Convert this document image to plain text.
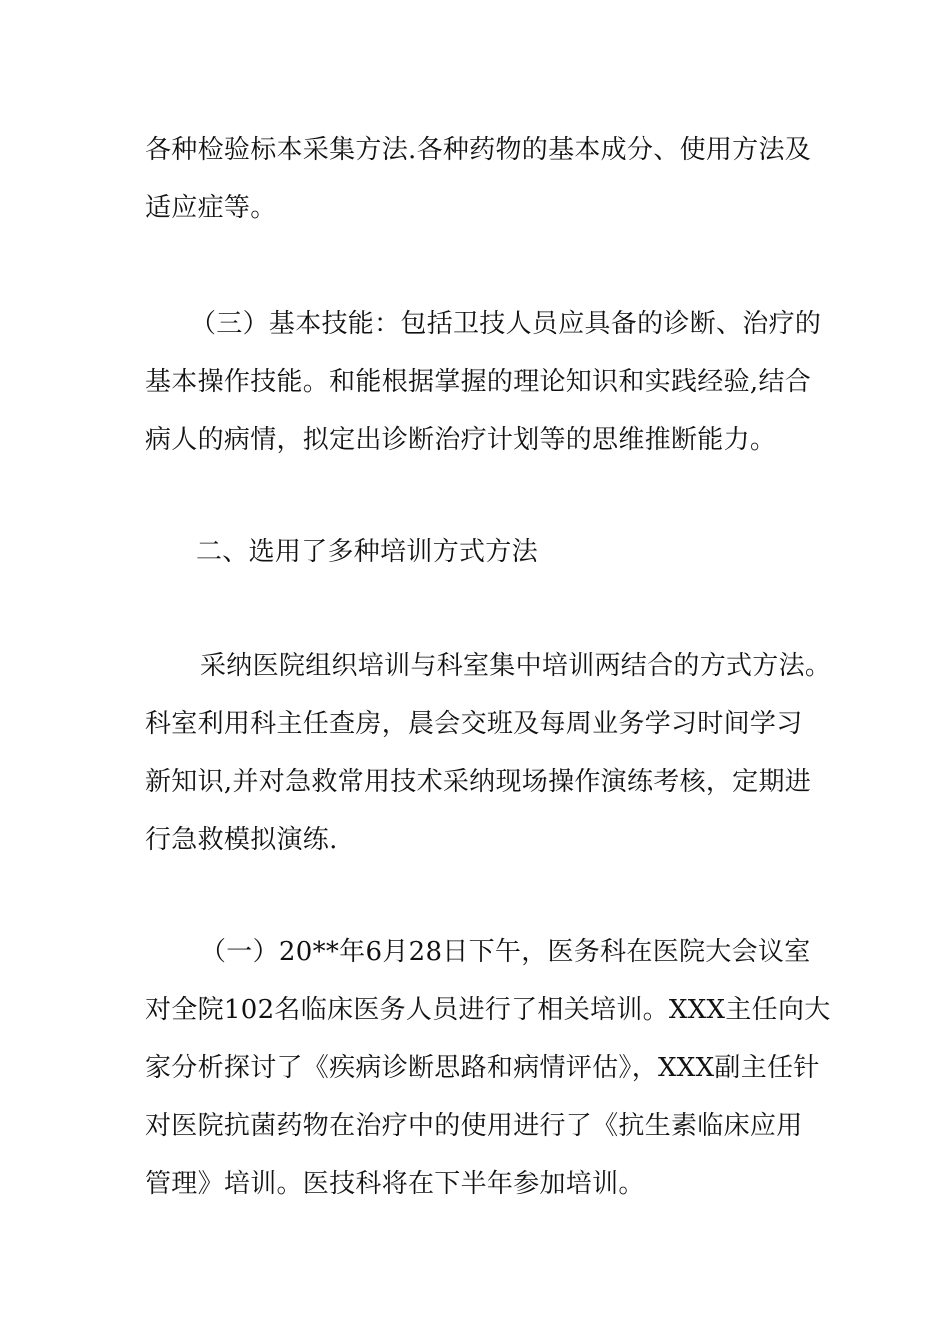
各种检验标本采集方法.各种药物的基本成分、使用方法及
适应症等。
（三）基本技能：包括卫技人员应具备的诊断、治疗的
基本操作技能。和能根据掌握的理论知识和实践经验,结合
病人的病情，拟定出诊断治疗计划等的思维推断能力。
二、选用了多种培训方式方法
采纳医院组织培训与科室集中培训两结合的方式方法。
科室利用科主任查房，晨会交班及每周业务学习时间学习
新知识,并对急救常用技术采纳现场操作演练考核，定期进
行急救模拟演练.
（一）20**年6月28日下午，医务科在医院大会议室
对全院102名临床医务人员进行了相关培训。XXX主任向大
家分析探讨了《疾病诊断思路和病情评估》，XXX副主任针
对医院抗菌药物在治疗中的使用进行了《抗生素临床应用
管理》培训。医技科将在下半年参加培训。
